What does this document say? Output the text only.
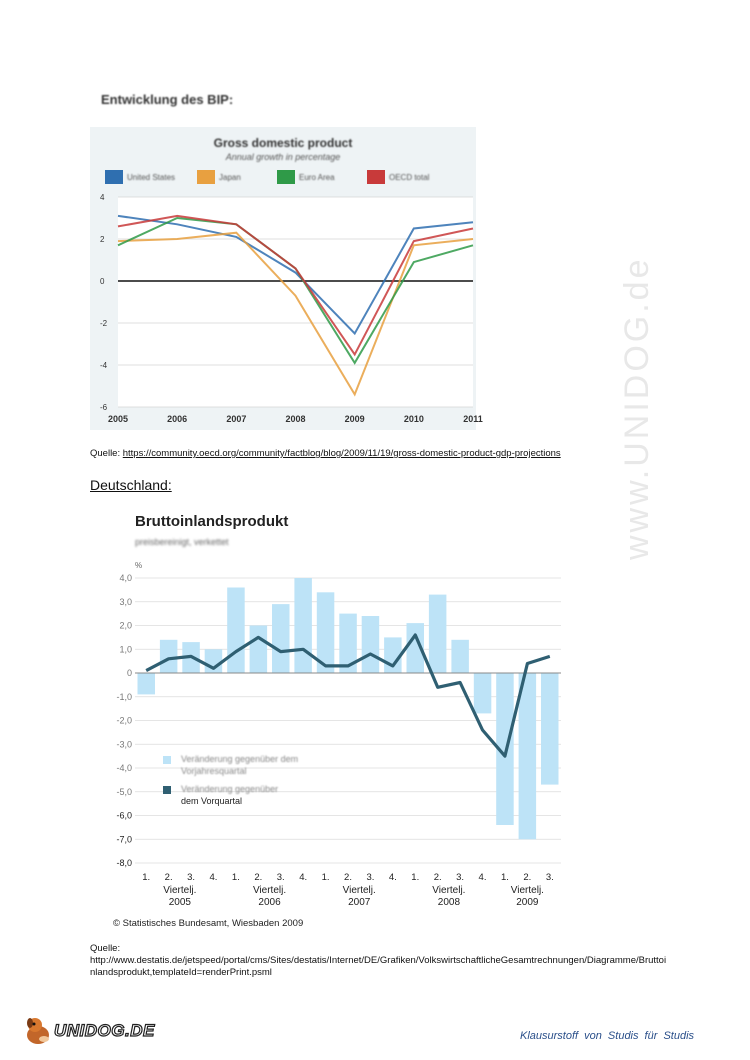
Entwicklung des BIP:
-6
-4
-2
0
2
4
2005	2006	2007	2008	2009	2010	2011
Gross domestic product
Annual growth in percentage
United States	Japan	Euro Area	OECD total
Quelle: https://community.oecd.org/community/factblog/blog/2009/11/19/gross-domestic-product-gdp-projections
Deutschland:
%
4,0
3,0
2,0
1,0
0
-1,0
-2,0
-3,0
-4,0
-5,0
-6,0
-7,0
-8,0
1. 2. 3. 4. 1. 2. 3. 4. 1. 2. 3. 4. 1. 2. 3. 4. 1. 2. 3.
Viertelj.
2005
Viertelj.
2006
Viertelj.
2007
Viertelj.
2008
Viertelj.
2009
Bruttoinlandsprodukt
preisbereinigt, verkettet
Veränderung gegenüber dem Vorjahresquartal
Veränderung gegenüber
dem Vorquartal
© Statistisches Bundesamt, Wiesbaden 2009
Quelle:
http://www.destatis.de/jetspeed/portal/cms/Sites/destatis/Internet/DE/Grafiken/VolkswirtschaftlicheGesamtrechnungen/Diagramme/Bruttoinlandsprodukt,templateId=renderPrint.psml
www.UNIDOG.de
UNIDOG.DE	Klausurstoff von Studis für Studis
